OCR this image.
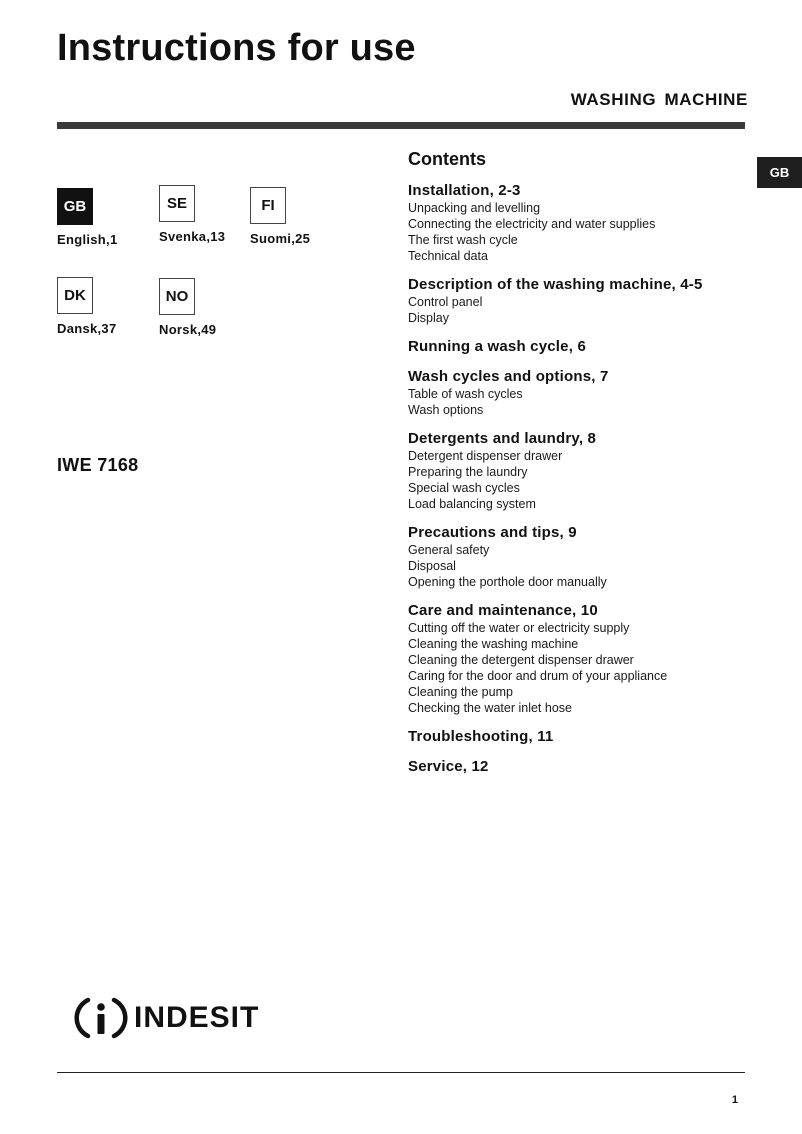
Instructions for use
WASHING MACHINE
GB
GB
English,1
SE
Svenka,13
FI
Suomi,25
DK
Dansk,37
NO
Norsk,49
IWE 7168
Contents
Installation, 2-3
Unpacking and levelling
Connecting the electricity and water supplies
The first wash cycle
Technical data
Description of the washing machine, 4-5
Control panel
Display
Running a wash cycle, 6
Wash cycles and options, 7
Table of wash cycles
Wash options
Detergents and laundry, 8
Detergent dispenser drawer
Preparing the laundry
Special wash cycles
Load balancing system
Precautions and tips, 9
General safety
Disposal
Opening the porthole door manually
Care and maintenance, 10
Cutting off the water or electricity supply
Cleaning the washing machine
Cleaning the detergent dispenser drawer
Caring for the door and drum of your appliance
Cleaning the pump
Checking the water inlet hose
Troubleshooting, 11
Service, 12
INDESIT
1
